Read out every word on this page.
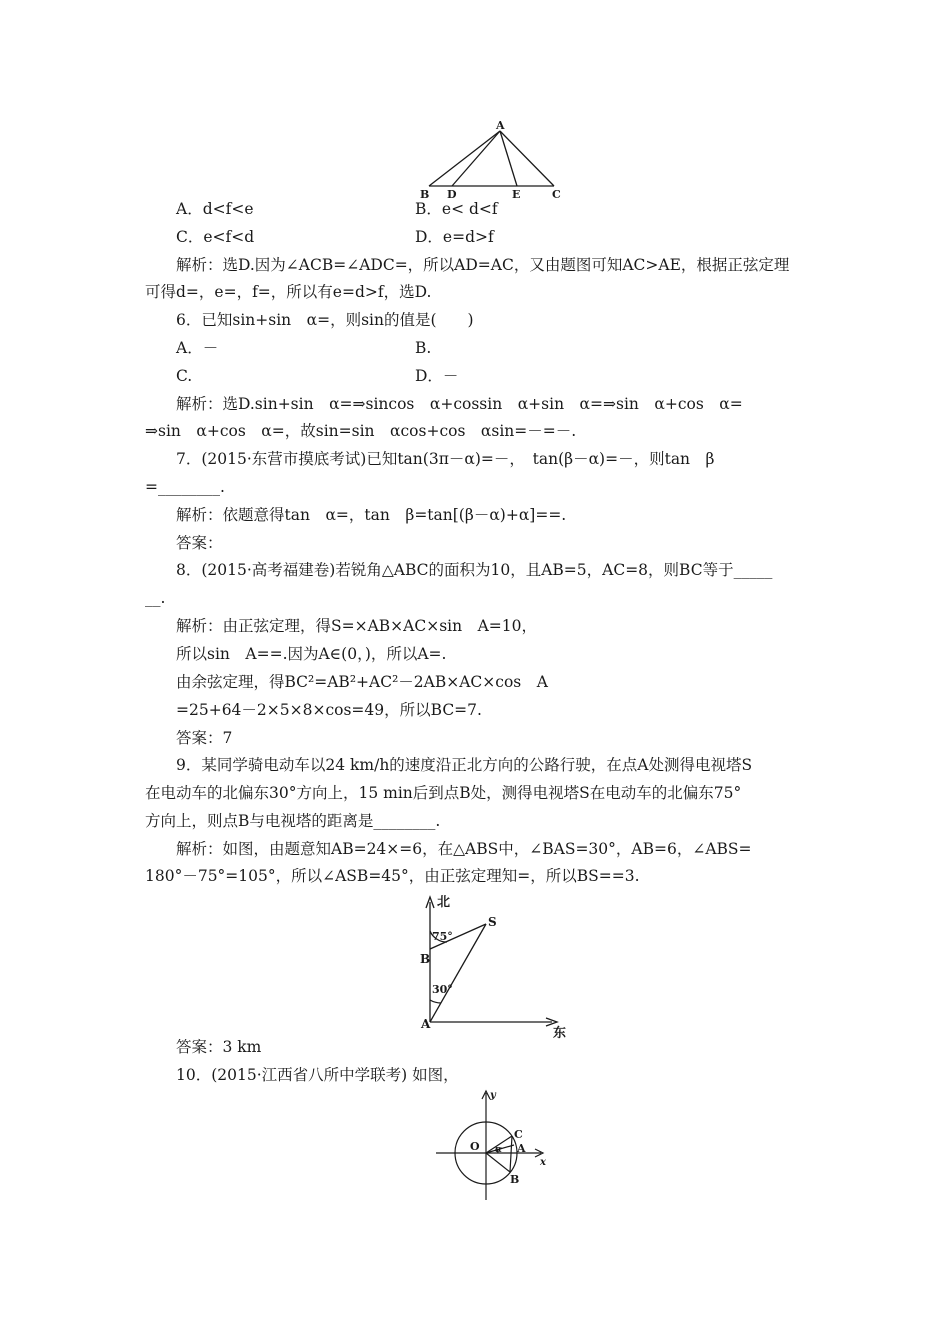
A
B D	E	C
A．d<f<e	B．e< d<f
C．e<f<d	D．e=d>f
解析：选D.因为∠ACB=∠ADC=，所以AD=AC，又由题图可知AC>AE，根据正弦定理
可得d=，e=，f=，所以有e=d>f，选D.
6．已知sin+sin　α=，则sin的值是(　　)
A．－	B.
C.	D．－
解析：选D.sin+sin　α=⇒sincos　α+cossin　α+sin　α=⇒sin　α+cos　α=
⇒sin　α+cos　α=，故sin=sin　αcos+cos　αsin=－=－.
7．(2015·东营市摸底考试)已知tan(3π－α)=－，　tan(β－α)=－，则tan　β
=________.
解析：依题意得tan　α=，tan　β=tan[(β－α)+α]==.
答案：
8．(2015·高考福建卷)若锐角△ABC的面积为10，且AB=5，AC=8，则BC等于_____
__.
解析：由正弦定理，得S=×AB×AC×sin　A=10，
所以sin　A==.因为A∈(0，)，所以A=.
由余弦定理，得BC²=AB²+AC²－2AB×AC×cos　A
=25+64－2×5×8×cos=49，所以BC=7.
答案：7
9．某同学骑电动车以24 km/h的速度沿正北方向的公路行驶，在点A处测得电视塔S
在电动车的北偏东30°方向上，15 min后到点B处，测得电视塔S在电动车的北偏东75°
方向上，则点B与电视塔的距离是________.
解析：如图，由题意知AB=24×=6，在△ABS中，∠BAS=30°，AB=6，∠ABS=
180°－75°=105°，所以∠ASB=45°，由正弦定理知=，所以BS==3.
北
东
A
B
S
75°
30°
答案：3 km
10．(2015·江西省八所中学联考) 如图，
y
x
O
C
A
B
α
